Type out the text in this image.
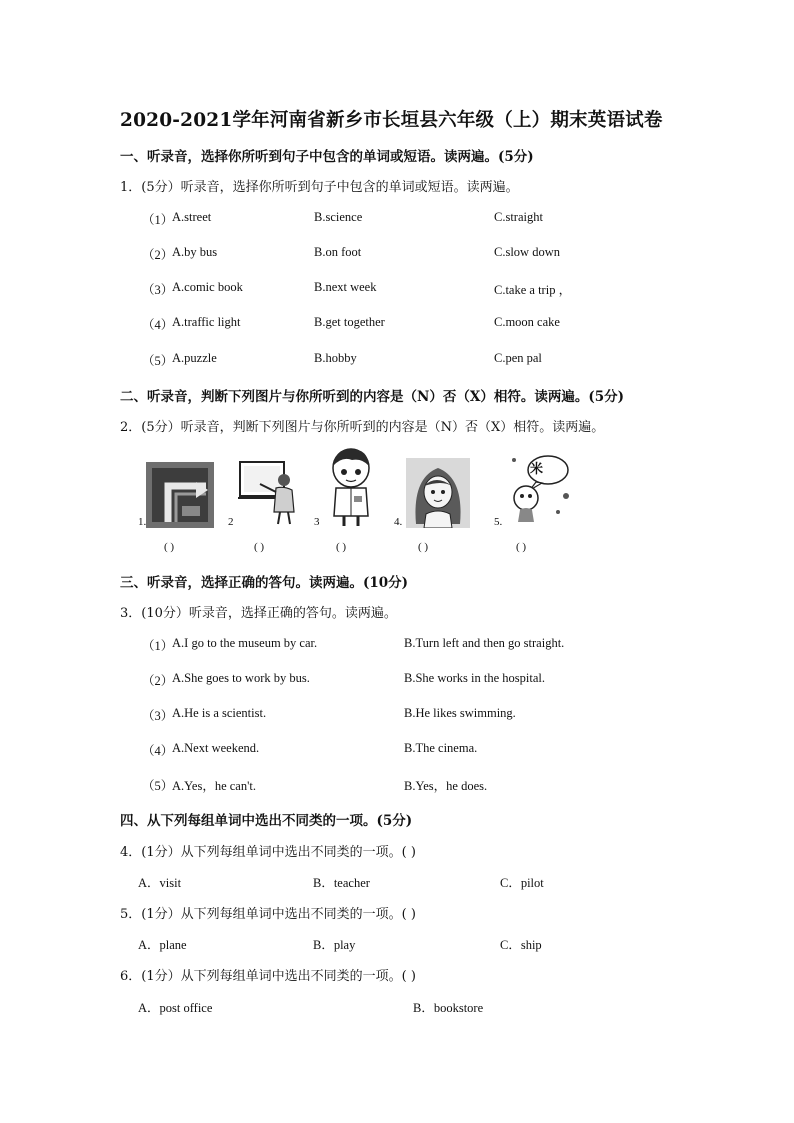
2020-2021学年河南省新乡市长垣县六年级（上）期末英语试卷
一、听录音，选择你所听到句子中包含的单词或短语。读两遍。(5分)
1．(5分）听录音，选择你所听到句子中包含的单词或短语。读两遍。
（1）
A.street	B.science	C.straight
（2）
A.by bus	B.on foot	C.slow down
（3）
A.comic book	B.next week	C.take a trip ，
（4）
A.traffic light	B.get together	C.moon cake
（5）
A.puzzle	B.hobby	C.pen pal
二、听录音，判断下列图片与你所听到的内容是（N）否（X）相符。读两遍。(5分)
2．(5分）听录音，判断下列图片与你所听到的内容是（N）否（X）相符。读两遍。
1.
( )
2
( )
3
( )
4.
( )
5.
米
( )
三、听录音，选择正确的答句。读两遍。(10分)
3．(10分）听录音，选择正确的答句。读两遍。
（1）
A.I go to the museum by car.	B.Turn left and then go straight.
（2）
A.She goes to work by bus.	B.She works in the hospital.
（3）
A.He is a scientist.	B.He likes swimming.
（4）
A.Next weekend.	B.The cinema.
（5）
A.Yes，he can't.	B.Yes，he does.
四、从下列每组单词中选出不同类的一项。(5分)
4．(1分）从下列每组单词中选出不同类的一项。( )
A．visit	B．teacher	C．pilot
5．(1分）从下列每组单词中选出不同类的一项。( )
A．plane	B．play	C．ship
6．(1分）从下列每组单词中选出不同类的一项。( )
A．post office	B．bookstore
